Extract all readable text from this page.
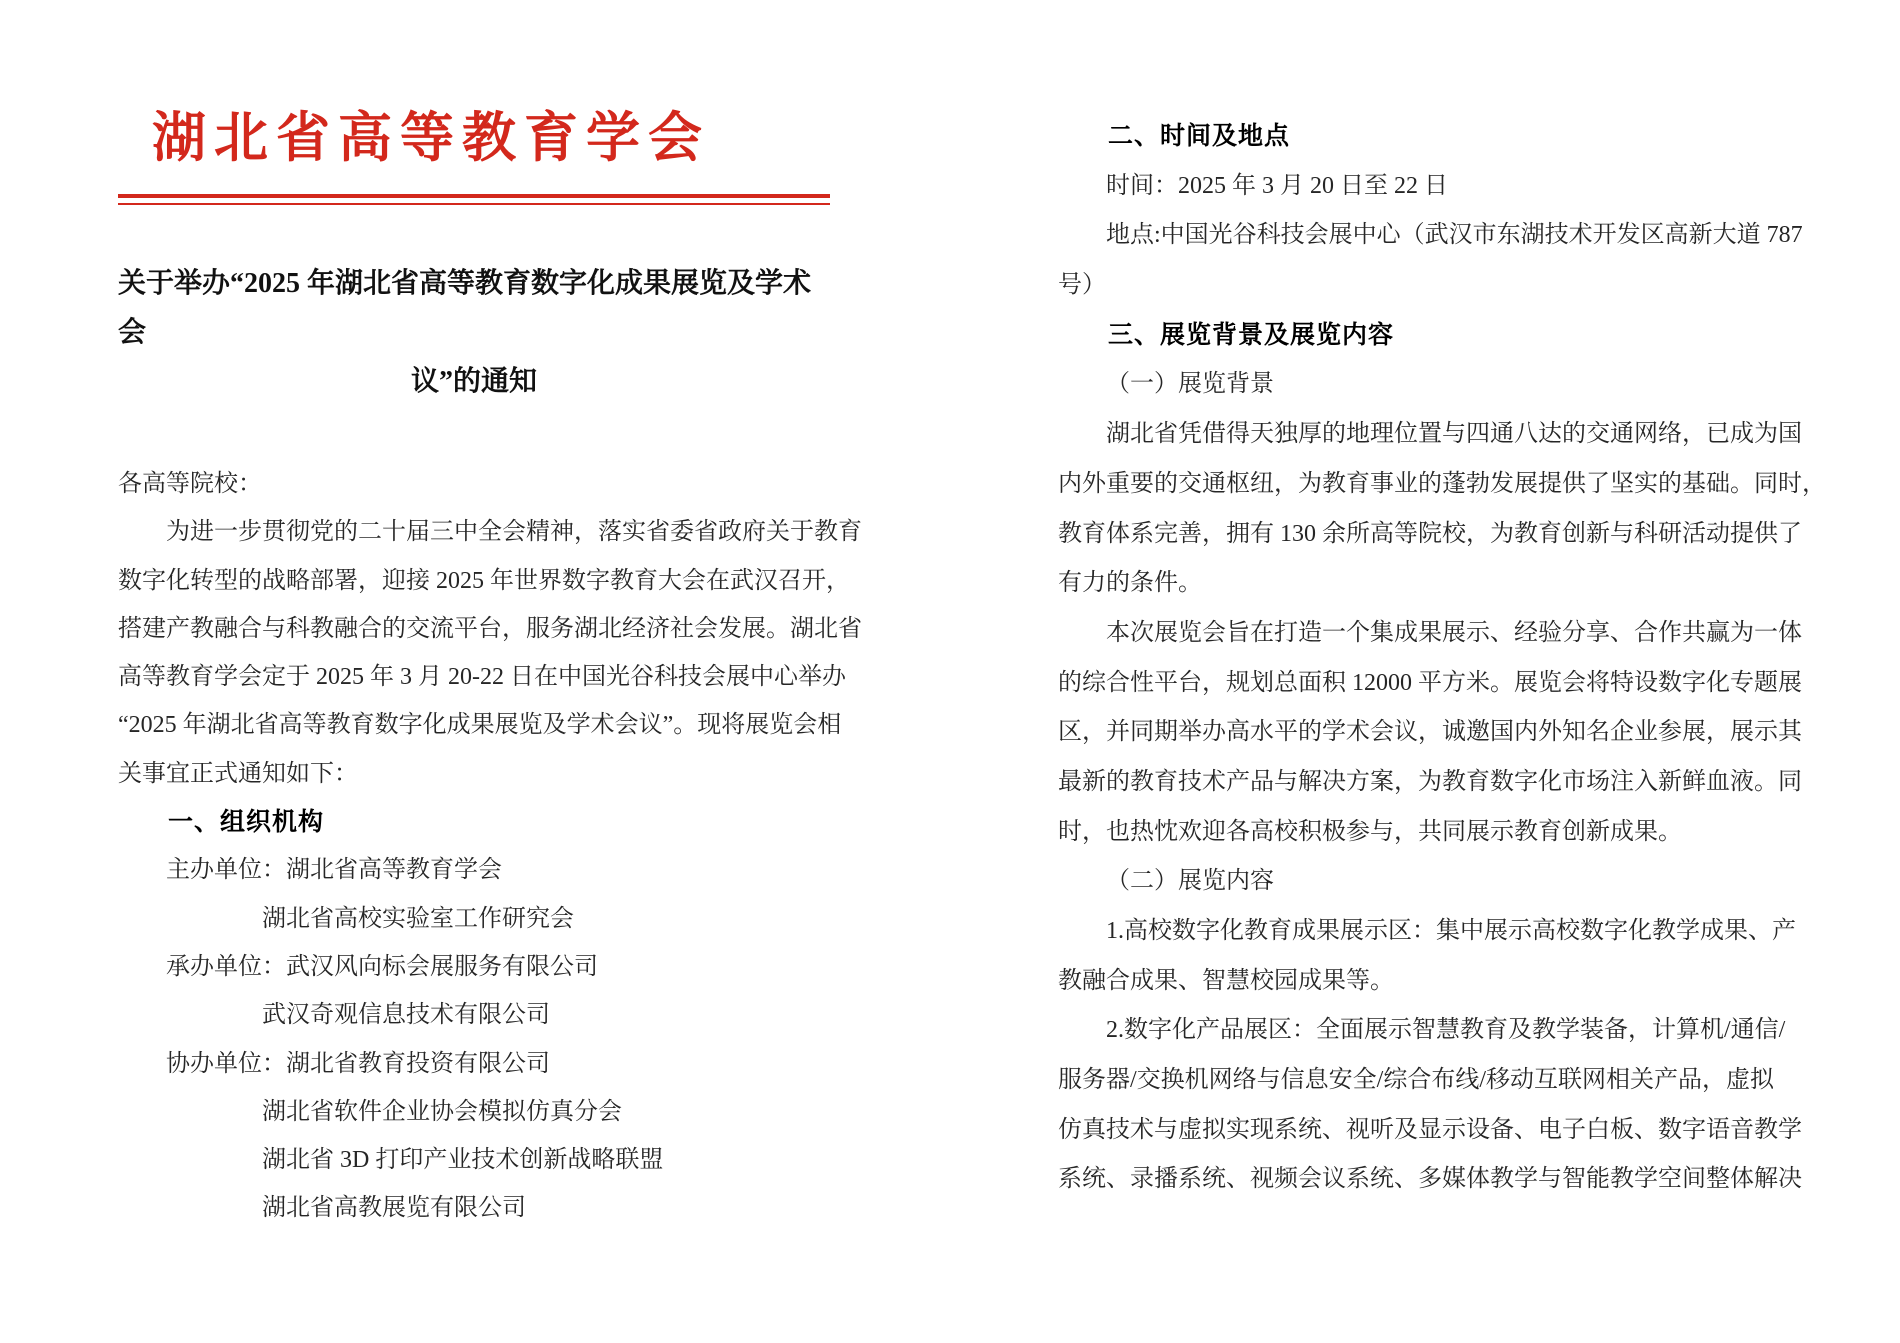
湖北省高等教育学会
关于举办“2025 年湖北省高等教育数字化成果展览及学术会
议”的通知
各高等院校：
为进一步贯彻党的二十届三中全会精神，落实省委省政府关于教育
数字化转型的战略部署，迎接 2025 年世界数字教育大会在武汉召开，
搭建产教融合与科教融合的交流平台，服务湖北经济社会发展。湖北省
高等教育学会定于 2025 年 3 月 20-22 日在中国光谷科技会展中心举办
“2025 年湖北省高等教育数字化成果展览及学术会议”。现将展览会相
关事宜正式通知如下：
一、组织机构
主办单位：湖北省高等教育学会
湖北省高校实验室工作研究会
承办单位：武汉风向标会展服务有限公司
武汉奇观信息技术有限公司
协办单位：湖北省教育投资有限公司
湖北省软件企业协会模拟仿真分会
湖北省 3D 打印产业技术创新战略联盟
湖北省高教展览有限公司
二、时间及地点
时间：2025 年 3 月 20 日至 22 日
地点:中国光谷科技会展中心（武汉市东湖技术开发区高新大道 787
号）
三、展览背景及展览内容
（一）展览背景
湖北省凭借得天独厚的地理位置与四通八达的交通网络，已成为国
内外重要的交通枢纽，为教育事业的蓬勃发展提供了坚实的基础。同时，
教育体系完善，拥有 130 余所高等院校，为教育创新与科研活动提供了
有力的条件。
本次展览会旨在打造一个集成果展示、经验分享、合作共赢为一体
的综合性平台，规划总面积 12000 平方米。展览会将特设数字化专题展
区，并同期举办高水平的学术会议，诚邀国内外知名企业参展，展示其
最新的教育技术产品与解决方案，为教育数字化市场注入新鲜血液。同
时，也热忱欢迎各高校积极参与，共同展示教育创新成果。
（二）展览内容
1.高校数字化教育成果展示区：集中展示高校数字化教学成果、产
教融合成果、智慧校园成果等。
2.数字化产品展区：全面展示智慧教育及教学装备，计算机/通信/
服务器/交换机网络与信息安全/综合布线/移动互联网相关产品，虚拟
仿真技术与虚拟实现系统、视听及显示设备、电子白板、数字语音教学
系统、录播系统、视频会议系统、多媒体教学与智能教学空间整体解决
